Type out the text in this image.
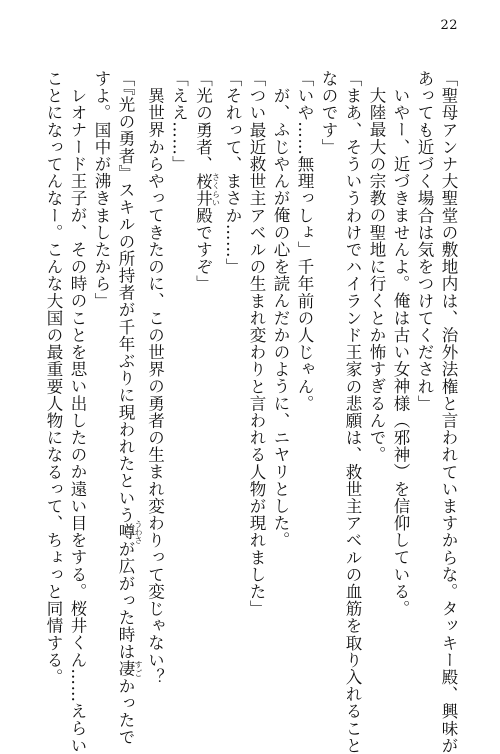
22
「聖母アンナ大聖堂の敷地内は、治外法権と言われていますからな。タッキー殿、興味が
あっても近づく場合は気をつけてくだされ」
いやー、近づきませんよ。俺は古い女神様（邪神）を信仰している。
大陸最大の宗教の聖地に行くとか怖すぎるんで。
「まあ、そういうわけでハイランド王家の悲願は、救世主アベルの血筋を取り入れること
なのです」
「いや……無理っしょ」千年前の人じゃん。
が、ふじやんが俺の心を読んだかのように、ニヤリとした。
「つい最近救世主アベルの生まれ変わりと言われる人物が現れました」
「それって、まさか……」
「光の勇者、桜井 さくらい殿ですぞ」
「ええ……」
異世界からやってきたのに、この世界の勇者の生まれ変わりって変じゃない？
「『光の勇者』スキルの所持者が千年ぶりに現われたという噂 うわさが広がった時は凄 すごかったで
すよ。国中が沸きましたから」
レオナード王子が、その時のことを思い出したのか遠い目をする。桜井くん……えらい
ことになってんなー。こんな大国の最重要人物になるって、ちょっと同情する。
